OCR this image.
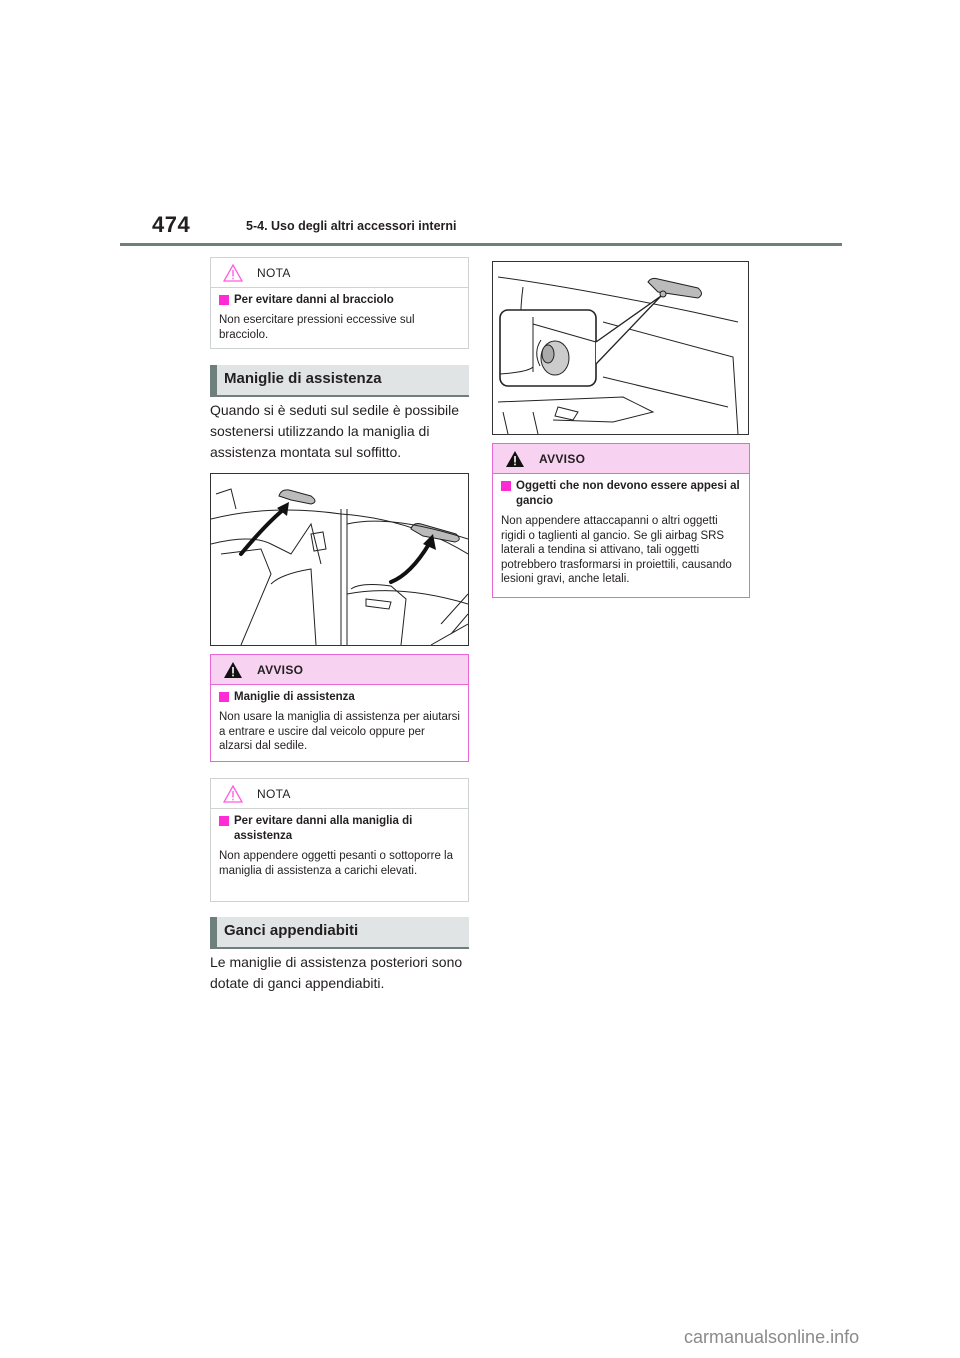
474	5-4. Uso degli altri accessori interni
NOTA
Per evitare danni al bracciolo
Non esercitare pressioni eccessive sul bracciolo.
Maniglie di assistenza
Quando si è seduti sul sedile è possibile sostenersi utilizzando la maniglia di assistenza montata sul soffitto.
AVVISO
Maniglie di assistenza
Non usare la maniglia di assistenza per aiutarsi a entrare e uscire dal veicolo oppure per alzarsi dal sedile.
NOTA
Per evitare danni alla maniglia di assistenza
Non appendere oggetti pesanti o sottoporre la maniglia di assistenza a carichi elevati.
Ganci appendiabiti
Le maniglie di assistenza posteriori sono dotate di ganci appendiabiti.
AVVISO
Oggetti che non devono essere appesi al gancio
Non appendere attaccapanni o altri oggetti rigidi o taglienti al gancio. Se gli airbag SRS laterali a tendina si attivano, tali oggetti potrebbero trasformarsi in proiettili, causando lesioni gravi, anche letali.
carmanualsonline.info
